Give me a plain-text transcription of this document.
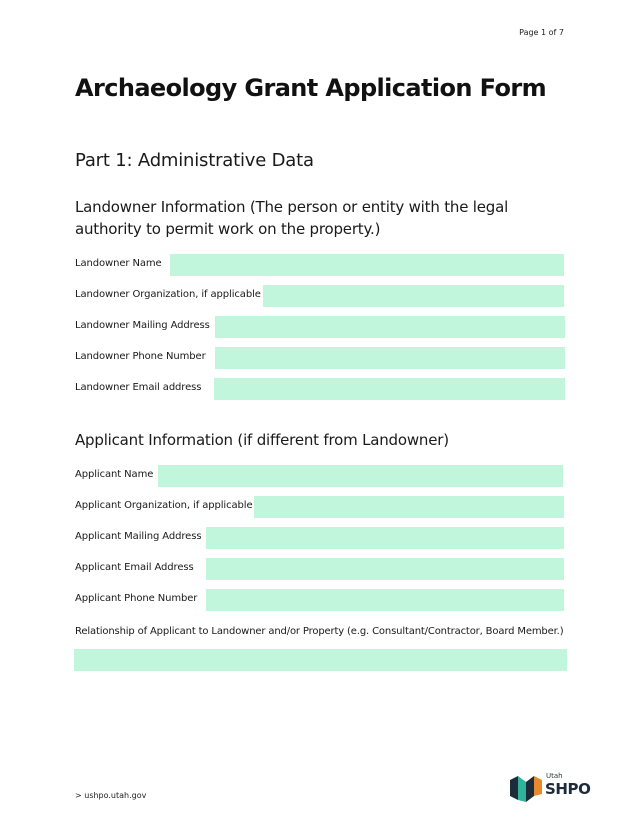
Page 1 of 7
Archaeology Grant Application Form
Part 1: Administrative Data
Landowner Information (The person or entity with the legal authority to permit work on the property.)
Landowner Name
Landowner Organization, if applicable
Landowner Mailing Address
Landowner Phone Number
Landowner Email address
Applicant Information (if different from Landowner)
Applicant Name
Applicant Organization, if applicable
Applicant Mailing Address
Applicant Email Address
Applicant Phone Number
Relationship of Applicant to Landowner and/or Property (e.g. Consultant/Contractor, Board Member.)
> ushpo.utah.gov
Utah
SHPO
